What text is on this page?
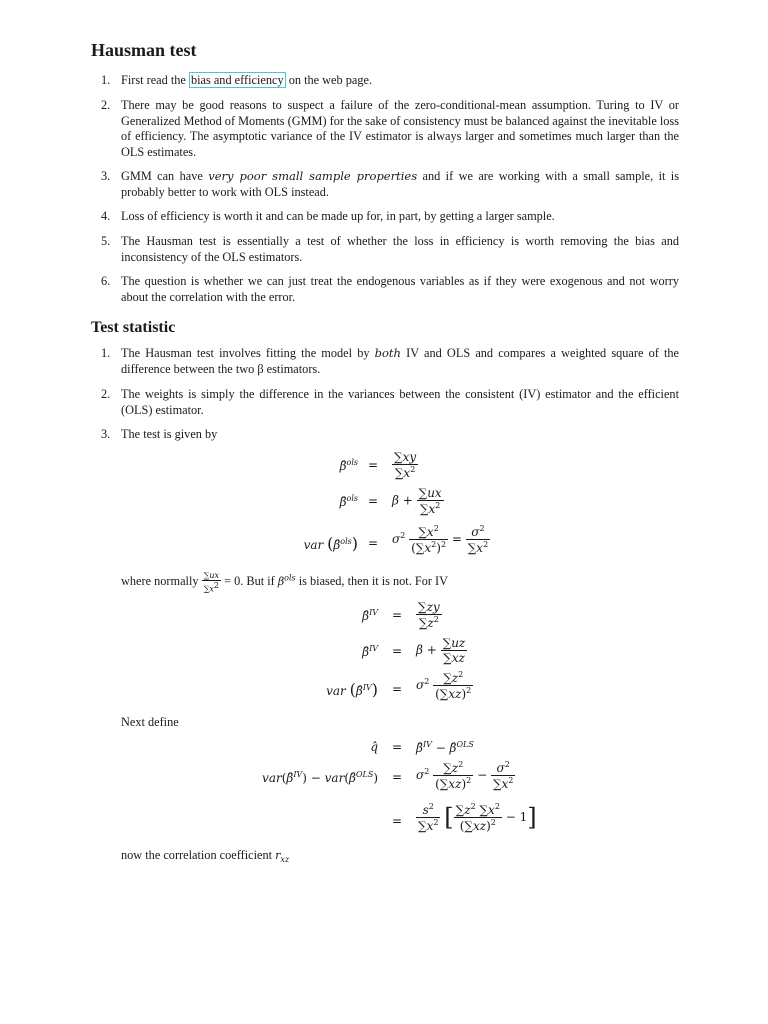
Hausman test
1. First read the bias and efficiency on the web page.
2. There may be good reasons to suspect a failure of the zero-conditional-mean assumption. Turing to IV or Generalized Method of Moments (GMM) for the sake of consistency must be balanced against the inevitable loss of efficiency. The asymptotic variance of the IV estimator is always larger and sometimes much larger than the OLS estimates.
3. GMM can have very poor small sample properties and if we are working with a small sample, it is probably better to work with OLS instead.
4. Loss of efficiency is worth it and can be made up for, in part, by getting a larger sample.
5. The Hausman test is essentially a test of whether the loss in efficiency is worth removing the bias and inconsistency of the OLS estimators.
6. The question is whether we can just treat the endogenous variables as if they were exogenous and not worry about the correlation with the error.
Test statistic
1. The Hausman test involves fitting the model by both IV and OLS and compares a weighted square of the difference between the two β estimators.
2. The weights is simply the difference in the variances between the consistent (IV) estimator and the efficient (OLS) estimator.
3. The test is given by
β̂$^{ols}$ = $\frac{\sum xy}{\sum x^2}$
β̂$^{ols}$ = $\beta + \frac{\sum ux}{\sum x^2}$
var (β̂$^{ols}$) = $\sigma^2 \frac{\sum x^2}{(\sum x^2)^2} = \frac{\sigma^2}{\sum x^2}$
where normally $\frac{\sum ux}{\sum x^2} = 0$. But if $\beta^{ols}$ is biased, then it is not. For IV
β̂$^{IV}$ = $\frac{\sum zy}{\sum z^2}$
β̂$^{IV}$ = $\beta + \frac{\sum uz}{\sum xz}$
var (β̂$^{IV}$) = $\sigma^2 \frac{\sum z^2}{(\sum xz)^2}$
Next define
q̂ = β̂$^{IV}$ − β̂$^{OLS}$
var(β̂$^{IV}$) − var(β̂$^{OLS}$) = $\sigma^2 \frac{\sum z^2}{(\sum xz)^2} - \frac{\sigma^2}{\sum x^2}$
= $\frac{s^2}{\sum x^2}$ [ $\frac{\sum z^2 \sum x^2}{(\sum xz)^2} - 1$]
now the correlation coefficient $r_{xz}$
